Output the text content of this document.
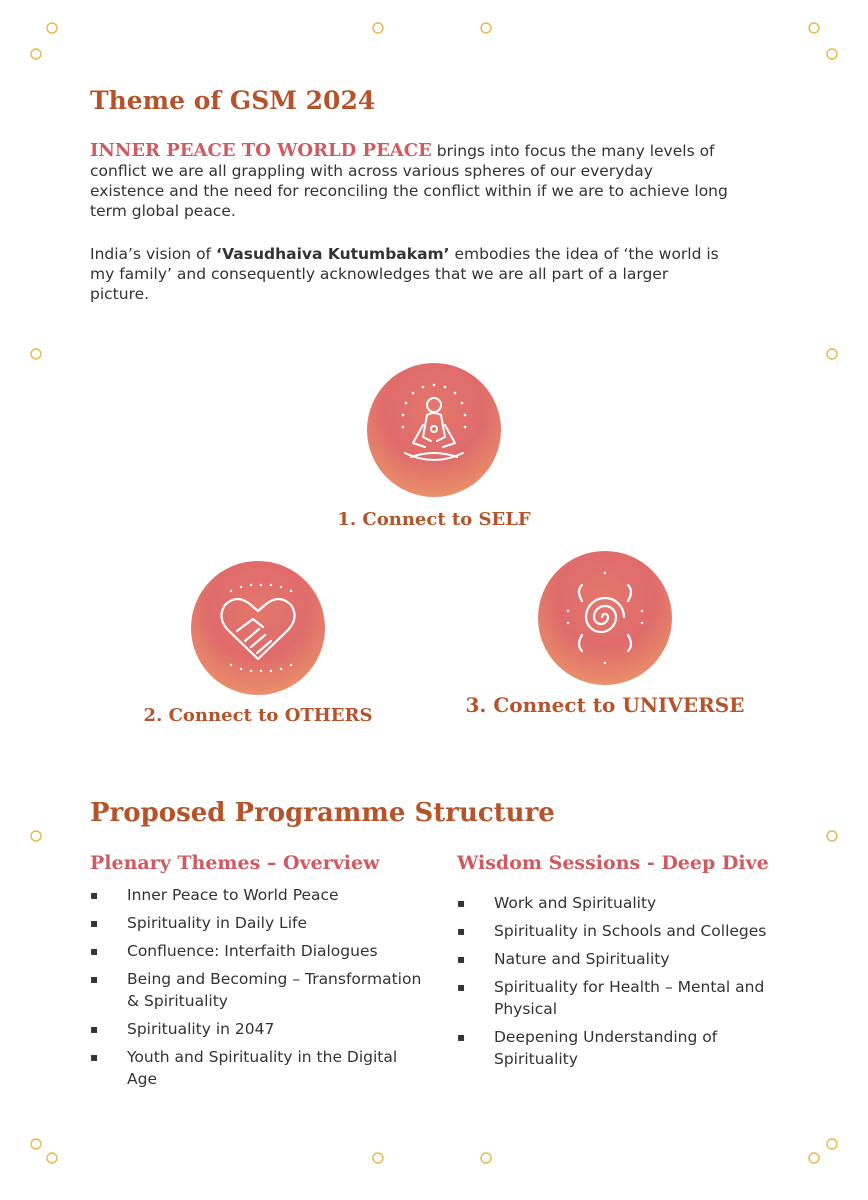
Theme of GSM 2024

INNER PEACE TO WORLD PEACE brings into focus the many levels of conflict we are all grappling with across various spheres of our everyday existence and the need for reconciling the conflict within if we are to achieve long term global peace.

India’s vision of ‘Vasudhaiva Kutumbakam’ embodies the idea of ‘the world is my family’ and consequently acknowledges that we are all part of a larger picture.

1. Connect to SELF
2. Connect to OTHERS	3. Connect to UNIVERSE
Proposed Programme Structure
Plenary Themes – Overview
▪ Inner Peace to World Peace
▪ Spirituality in Daily Life
▪ Confluence: Interfaith Dialogues
▪ Being and Becoming – Transformation & Spirituality
▪ Spirituality in 2047
▪ Youth and Spirituality in the Digital Age
Wisdom Sessions - Deep Dive
▪ Work and Spirituality
▪ Spirituality in Schools and Colleges
▪ Nature and Spirituality
▪ Spirituality for Health – Mental and Physical
▪ Deepening Understanding of Spirituality
